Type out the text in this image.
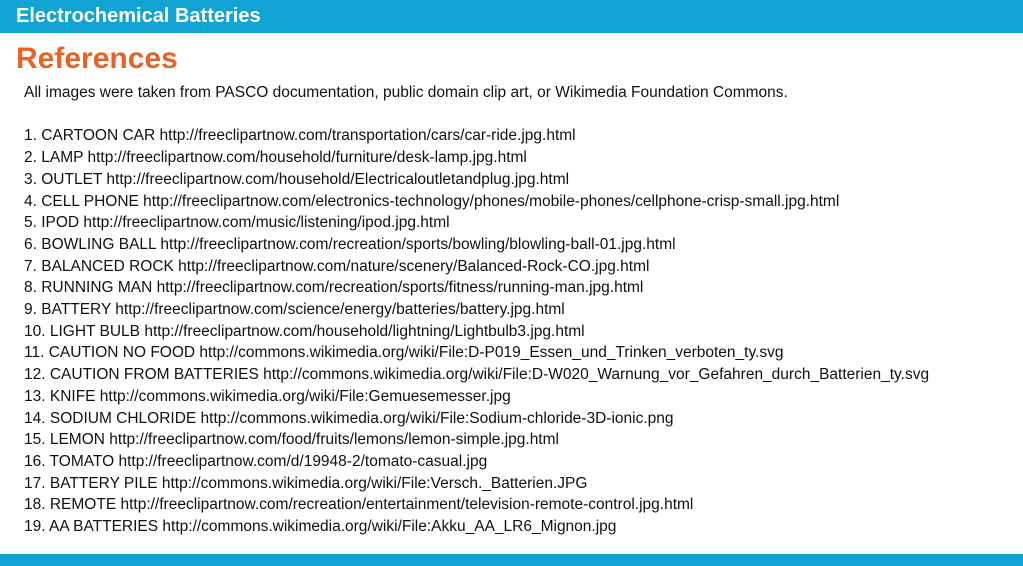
Electrochemical Batteries
References

All images were taken from PASCO documentation, public domain clip art, or Wikimedia Foundation Commons.

1. CARTOON CAR http://freeclipartnow.com/transportation/cars/car-ride.jpg.html
2. LAMP http://freeclipartnow.com/household/furniture/desk-lamp.jpg.html
3. OUTLET http://freeclipartnow.com/household/Electricaloutletandplug.jpg.html
4. CELL PHONE http://freeclipartnow.com/electronics-technology/phones/mobile-phones/cellphone-crisp-small.jpg.html
5. IPOD http://freeclipartnow.com/music/listening/ipod.jpg.html
6. BOWLING BALL http://freeclipartnow.com/recreation/sports/bowling/blowling-ball-01.jpg.html
7. BALANCED ROCK http://freeclipartnow.com/nature/scenery/Balanced-Rock-CO.jpg.html
8. RUNNING MAN http://freeclipartnow.com/recreation/sports/fitness/running-man.jpg.html
9. BATTERY http://freeclipartnow.com/science/energy/batteries/battery.jpg.html
10. LIGHT BULB http://freeclipartnow.com/household/lightning/Lightbulb3.jpg.html
11. CAUTION NO FOOD http://commons.wikimedia.org/wiki/File:D-P019_Essen_und_Trinken_verboten_ty.svg
12. CAUTION FROM BATTERIES http://commons.wikimedia.org/wiki/File:D-W020_Warnung_vor_Gefahren_durch_Batterien_ty.svg
13. KNIFE http://commons.wikimedia.org/wiki/File:Gemuesemesser.jpg
14. SODIUM CHLORIDE http://commons.wikimedia.org/wiki/File:Sodium-chloride-3D-ionic.png
15. LEMON http://freeclipartnow.com/food/fruits/lemons/lemon-simple.jpg.html
16. TOMATO http://freeclipartnow.com/d/19948-2/tomato-casual.jpg
17. BATTERY PILE http://commons.wikimedia.org/wiki/File:Versch._Batterien.JPG
18. REMOTE http://freeclipartnow.com/recreation/entertainment/television-remote-control.jpg.html
19. AA BATTERIES http://commons.wikimedia.org/wiki/File:Akku_AA_LR6_Mignon.jpg
